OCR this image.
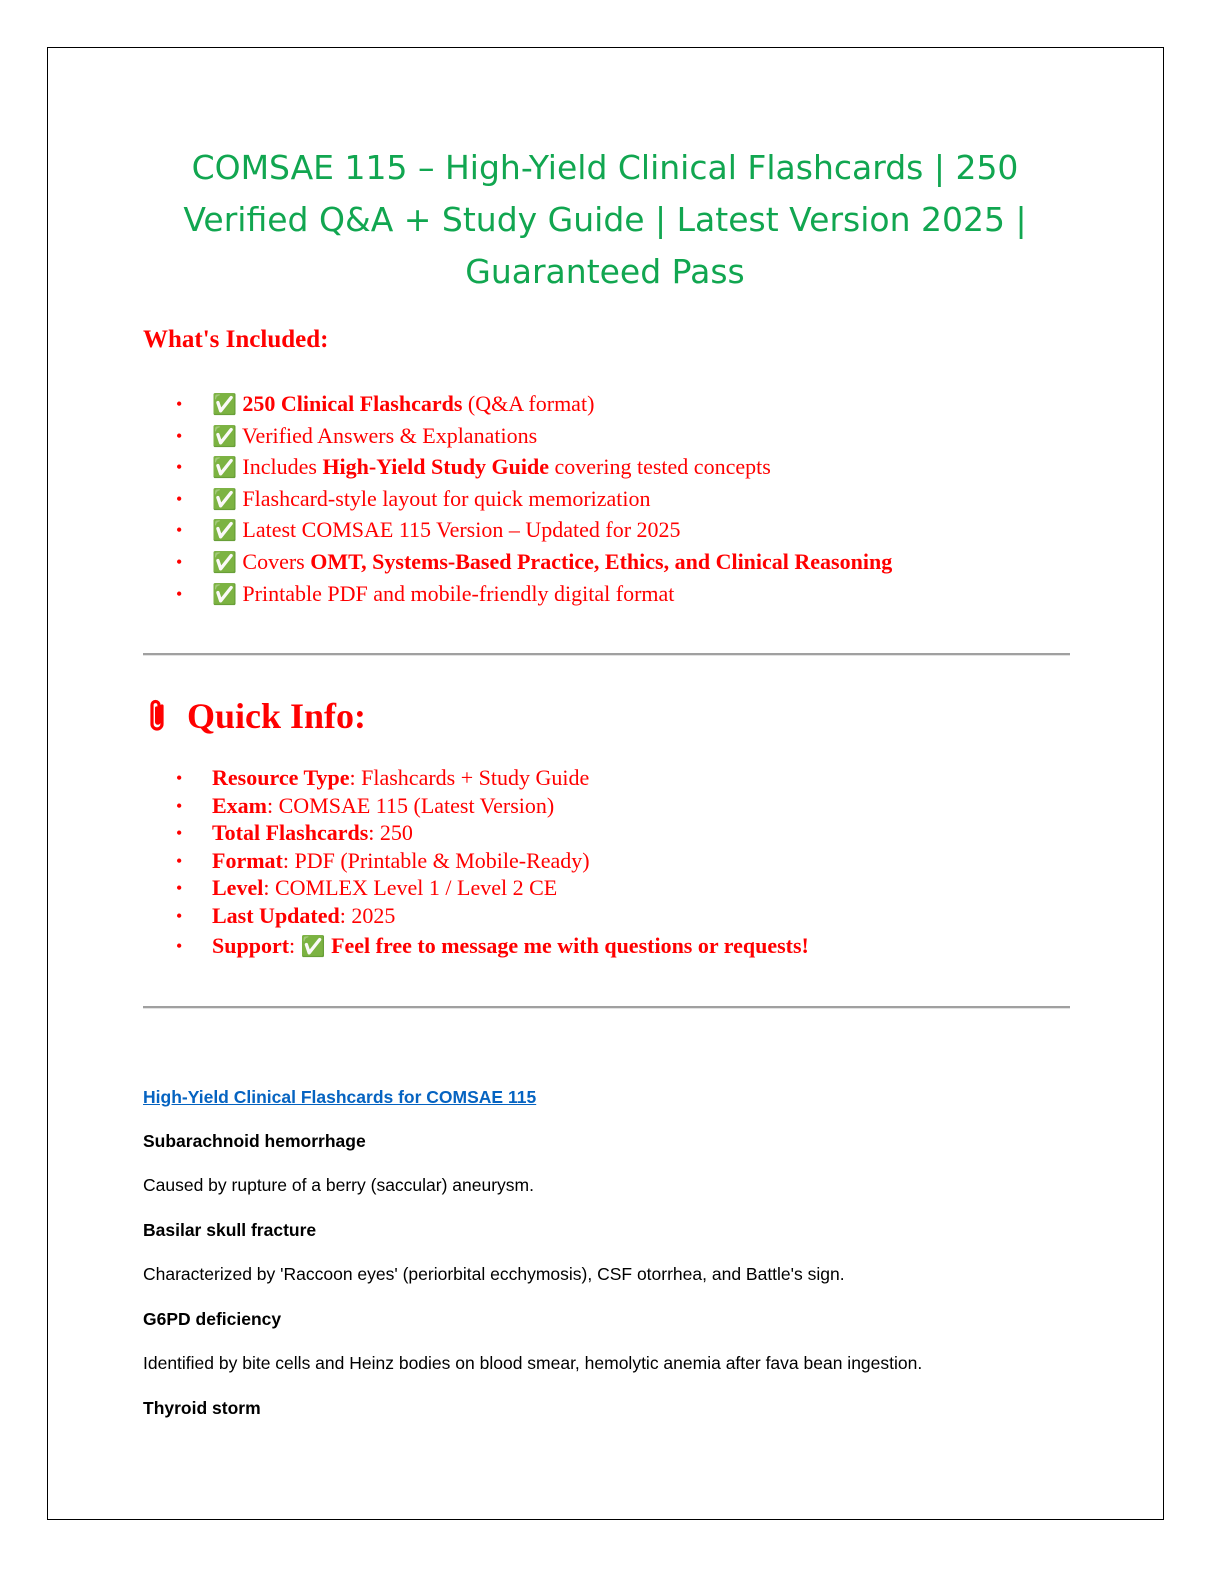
COMSAE 115 – High-Yield Clinical Flashcards | 250 Verified Q&A + Study Guide | Latest Version 2025 | Guaranteed Pass
What's Included:
•	✅ 250 Clinical Flashcards (Q&A format)
•	✅ Verified Answers & Explanations
•	✅ Includes High-Yield Study Guide covering tested concepts
•	✅ Flashcard-style layout for quick memorization
•	✅ Latest COMSAE 115 Version – Updated for 2025
•	✅ Covers OMT, Systems-Based Practice, Ethics, and Clinical Reasoning
•	✅ Printable PDF and mobile-friendly digital format
Quick Info:
•	Resource Type: Flashcards + Study Guide
•	Exam: COMSAE 115 (Latest Version)
•	Total Flashcards: 250
•	Format: PDF (Printable & Mobile-Ready)
•	Level: COMLEX Level 1 / Level 2 CE
•	Last Updated: 2025
•	Support: ✅ Feel free to message me with questions or requests!
High-Yield Clinical Flashcards for COMSAE 115
Subarachnoid hemorrhage
Caused by rupture of a berry (saccular) aneurysm.
Basilar skull fracture
Characterized by 'Raccoon eyes' (periorbital ecchymosis), CSF otorrhea, and Battle's sign.
G6PD deficiency
Identified by bite cells and Heinz bodies on blood smear, hemolytic anemia after fava bean ingestion.
Thyroid storm
